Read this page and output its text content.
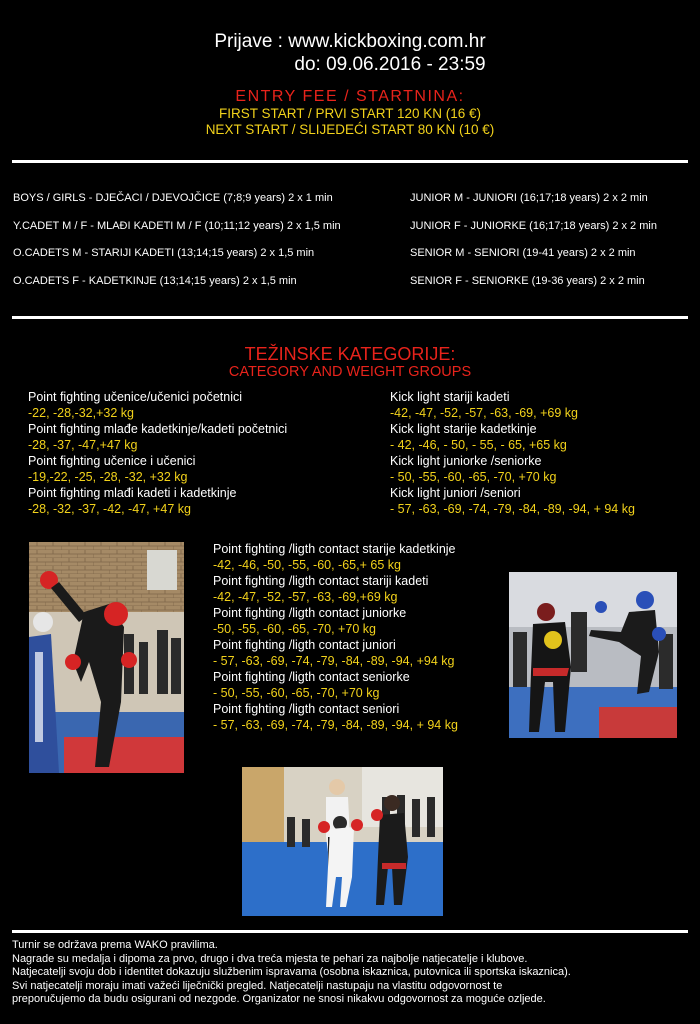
Prijave : www.kickboxing.com.hr
do: 09.06.2016 - 23:59
ENTRY FEE / STARTNINA:
FIRST START / PRVI START 120 KN (16 €)
NEXT START / SLIJEDEĆI START 80 KN (10 €)
BOYS / GIRLS - DJEČACI / DJEVOJČICE (7;8;9 years) 2 x 1 min
Y.CADET M / F - MLAĐI KADETI M / F (10;11;12 years) 2 x 1,5 min
O.CADETS M - STARIJI KADETI (13;14;15 years) 2 x 1,5 min
O.CADETS F - KADETKINJE (13;14;15 years) 2 x 1,5 min
JUNIOR M - JUNIORI (16;17;18 years) 2 x 2 min
JUNIOR F - JUNIORKE (16;17;18 years) 2 x 2 min
SENIOR M - SENIORI (19-41 years) 2 x 2 min
SENIOR F - SENIORKE (19-36 years) 2 x 2 min
TEŽINSKE KATEGORIJE:
CATEGORY AND WEIGHT GROUPS
Point fighting učenice/učenici početnici
-22, -28,-32,+32 kg
Point fighting mlađe kadetkinje/kadeti početnici
-28, -37, -47,+47 kg
Point fighting učenice i učenici
-19,-22, -25, -28, -32, +32 kg
Point fighting mlađi kadeti i kadetkinje
-28, -32, -37, -42, -47, +47 kg
Kick light stariji kadeti
-42, -47, -52, -57, -63, -69, +69 kg
Kick light starije kadetkinje
- 42, -46, - 50, - 55, - 65, +65 kg
Kick light juniorke /seniorke
- 50, -55, -60, -65, -70, +70 kg
Kick light juniori /seniori
- 57, -63, -69, -74, -79, -84, -89, -94, + 94 kg
Point fighting /ligth contact starije kadetkinje
-42, -46, -50, -55, -60, -65,+ 65 kg
Point fighting /ligth contact stariji kadeti
-42, -47, -52, -57, -63, -69,+69 kg
Point fighting /ligth contact juniorke
-50, -55, -60, -65, -70, +70 kg
Point fighting /ligth contact juniori
- 57, -63, -69, -74, -79, -84, -89, -94, +94 kg
Point fighting /ligth contact seniorke
- 50, -55, -60, -65, -70, +70 kg
Point fighting /ligth contact seniori
- 57, -63, -69, -74, -79, -84, -89, -94, + 94 kg
Turnir se održava prema WAKO pravilima.
Nagrade su medalja i dipoma za prvo, drugo i dva treća mjesta te pehari za najbolje natjecatelje i klubove.
Natjecatelji svoju dob i identitet dokazuju službenim ispravama (osobna iskaznica, putovnica ili sportska iskaznica).
Svi natjecatelji moraju imati važeći liječnički pregled. Natjecatelji nastupaju na vlastitu odgovornost te
preporučujemo da budu osigurani od nezgode. Organizator ne snosi nikakvu odgovornost za moguće ozljede.
